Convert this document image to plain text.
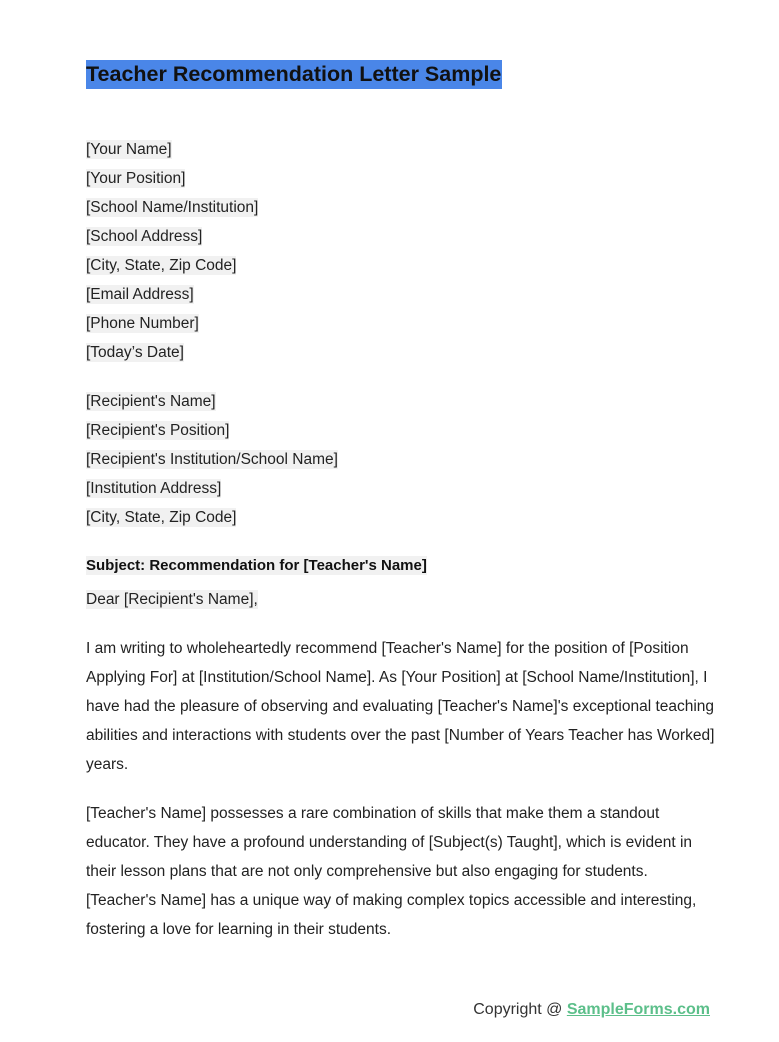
Teacher Recommendation Letter Sample
[Your Name]
[Your Position]
[School Name/Institution]
[School Address]
[City, State, Zip Code]
[Email Address]
[Phone Number]
[Today’s Date]
[Recipient's Name]
[Recipient's Position]
[Recipient's Institution/School Name]
[Institution Address]
[City, State, Zip Code]
Subject: Recommendation for [Teacher's Name]
Dear [Recipient's Name],

I am writing to wholeheartedly recommend [Teacher's Name] for the position of [Position Applying For] at [Institution/School Name]. As [Your Position] at [School Name/Institution], I have had the pleasure of observing and evaluating [Teacher's Name]'s exceptional teaching abilities and interactions with students over the past [Number of Years Teacher has Worked] years.

[Teacher's Name] possesses a rare combination of skills that make them a standout educator. They have a profound understanding of [Subject(s) Taught], which is evident in their lesson plans that are not only comprehensive but also engaging for students. [Teacher's Name] has a unique way of making complex topics accessible and interesting, fostering a love for learning in their students.

Copyright @ SampleForms.com
